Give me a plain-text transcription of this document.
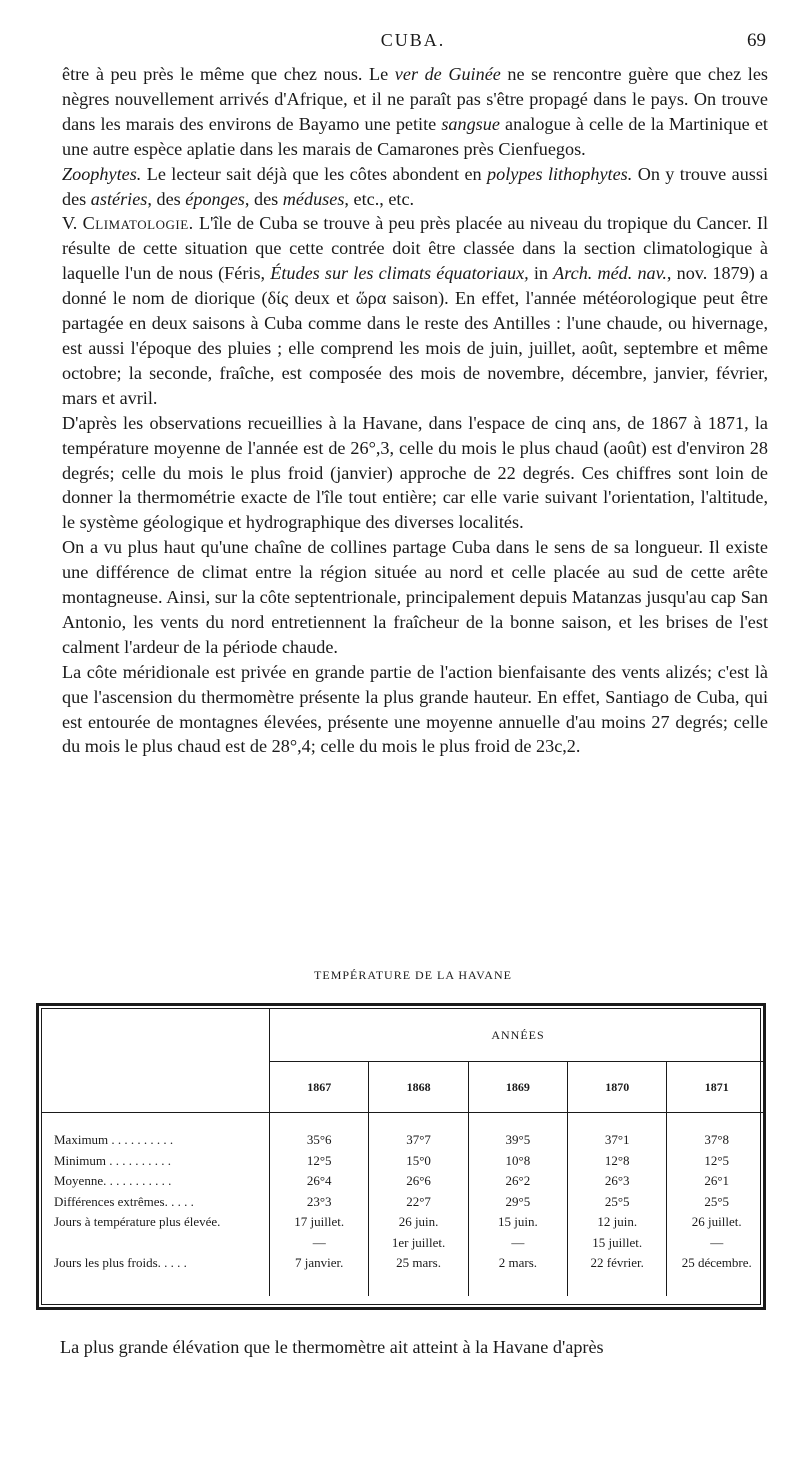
CUBA.	69

être à peu près le même que chez nous. Le ver de Guinée ne se rencontre guère que chez les nègres nouvellement arrivés d'Afrique, et il ne paraît pas s'être propagé dans le pays. On trouve dans les marais des environs de Bayamo une petite sangsue analogue à celle de la Martinique et une autre espèce aplatie dans les marais de Camarones près Cienfuegos.

Zoophytes. Le lecteur sait déjà que les côtes abondent en polypes lithophytes. On y trouve aussi des astéries, des éponges, des méduses, etc., etc.

V. Climatologie. L'île de Cuba se trouve à peu près placée au niveau du tropique du Cancer. Il résulte de cette situation que cette contrée doit être classée dans la section climatologique à laquelle l'un de nous (Féris, Études sur les climats équatoriaux, in Arch. méd. nav., nov. 1879) a donné le nom de diorique (δίς deux et ὥρα saison). En effet, l'année météorologique peut être partagée en deux saisons à Cuba comme dans le reste des Antilles : l'une chaude, ou hivernage, est aussi l'époque des pluies ; elle comprend les mois de juin, juillet, août, septembre et même octobre; la seconde, fraîche, est composée des mois de novembre, décembre, janvier, février, mars et avril.

D'après les observations recueillies à la Havane, dans l'espace de cinq ans, de 1867 à 1871, la température moyenne de l'année est de 26°,3, celle du mois le plus chaud (août) est d'environ 28 degrés; celle du mois le plus froid (janvier) approche de 22 degrés. Ces chiffres sont loin de donner la thermométrie exacte de l'île tout entière; car elle varie suivant l'orientation, l'altitude, le système géologique et hydrographique des diverses localités.

On a vu plus haut qu'une chaîne de collines partage Cuba dans le sens de sa longueur. Il existe une différence de climat entre la région située au nord et celle placée au sud de cette arête montagneuse. Ainsi, sur la côte septentrionale, principalement depuis Matanzas jusqu'au cap San Antonio, les vents du nord entretiennent la fraîcheur de la bonne saison, et les brises de l'est calment l'ardeur de la période chaude.

La côte méridionale est privée en grande partie de l'action bienfaisante des vents alizés; c'est là que l'ascension du thermomètre présente la plus grande hauteur. En effet, Santiago de Cuba, qui est entourée de montagnes élevées, présente une moyenne annuelle d'au moins 27 degrés; celle du mois le plus chaud est de 28°,4; celle du mois le plus froid de 23c,2.

TEMPÉRATURE DE LA HAVANE
	ANNÉES				
	1867	1868	1869	1870	1871

Maximum . . . . . . . . . .	35°6	37°7	39°5	37°1	37°8
Minimum . . . . . . . . . .	12°5	15°0	10°8	12°8	12°5
Moyenne. . . . . . . . . . .	26°4	26°6	26°2	26°3	26°1
Différences extrêmes. . . . .	23°3	22°7	29°5	25°5	25°5
Jours à température plus élevée.	17 juillet.	26 juin.	15 juin.	12 juin.	26 juillet.
	—	1er juillet.	—	15 juillet.	—
Jours les plus froids. . . . .	7 janvier.	25 mars.	2 mars.	22 février.	25 décembre.

La plus grande élévation que le thermomètre ait atteint à la Havane d'après
